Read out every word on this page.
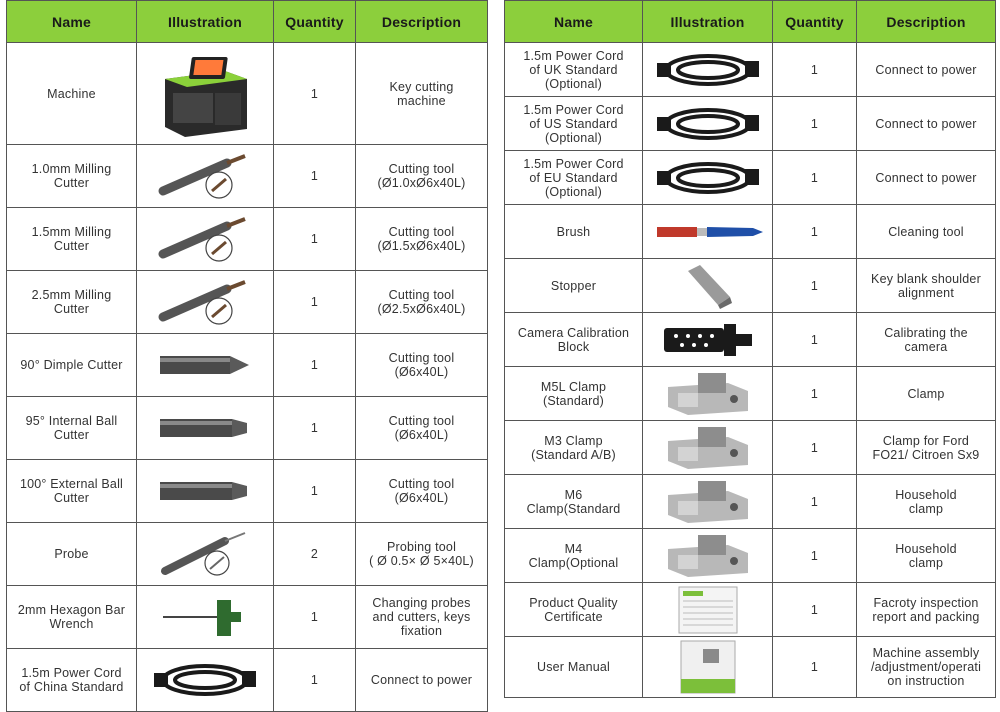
Name	Illustration	Quantity	Description
Machine		1	Key cutting
machine
1.0mm Milling
Cutter		1	Cutting tool
(Ø1.0xØ6x40L)
1.5mm Milling
Cutter		1	Cutting tool
(Ø1.5xØ6x40L)
2.5mm Milling
Cutter		1	Cutting tool
(Ø2.5xØ6x40L)
90° Dimple Cutter		1	Cutting tool
(Ø6x40L)
95° Internal Ball
Cutter		1	Cutting tool
(Ø6x40L)
100° External Ball
Cutter		1	Cutting tool
(Ø6x40L)
Probe		2	Probing tool
( Ø 0.5× Ø 5×40L)
2mm Hexagon Bar
Wrench		1	Changing probes
and cutters, keys
fixation
1.5m Power Cord
of China Standard		1	Connect to power
Name	Illustration	Quantity	Description
1.5m Power Cord
of UK Standard
(Optional)		1	Connect to power
1.5m Power Cord
of US Standard
(Optional)		1	Connect to power
1.5m Power Cord
of EU Standard
(Optional)		1	Connect to power
Brush		1	Cleaning tool
Stopper		1	Key blank shoulder
alignment
Camera Calibration
Block		1	Calibrating the
camera
M5L Clamp
(Standard)		1	Clamp
M3 Clamp
(Standard A/B)		1	Clamp for Ford
FO21/ Citroen Sx9
M6
Clamp(Standard		1	Household
clamp
M4
Clamp(Optional		1	Household
clamp
Product Quality
Certificate		1	Facroty inspection
report and packing
User Manual		1	Machine assembly
/adjustment/operati
on instruction
